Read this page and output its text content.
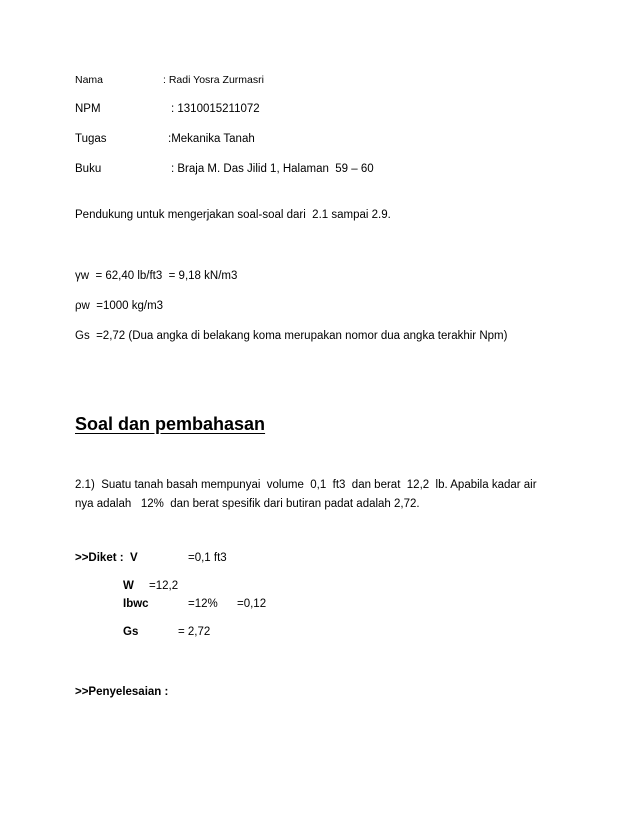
Nama	: Radi Yosra Zurmasri
NPM	: 1310015211072
Tugas	:Mekanika Tanah
Buku	: Braja M. Das Jilid 1, Halaman  59 – 60
Pendukung untuk mengerjakan soal-soal dari  2.1 sampai 2.9.
γw  = 62,40 lb/ft3  = 9,18 kN/m3
ρw  =1000 kg/m3
Gs  =2,72 (Dua angka di belakang koma merupakan nomor dua angka terakhir Npm)
Soal dan pembahasan
2.1)  Suatu tanah basah mempunyai  volume  0,1  ft3  dan berat  12,2  lb. Apabila kadar air
nya adalah   12%  dan berat spesifik dari butiran padat adalah 2,72.
>>Diket : V	=0,1 ft3
W =12,2
Ibwc	=12% =0,12
Gs	= 2,72
>>Penyelesaian :
